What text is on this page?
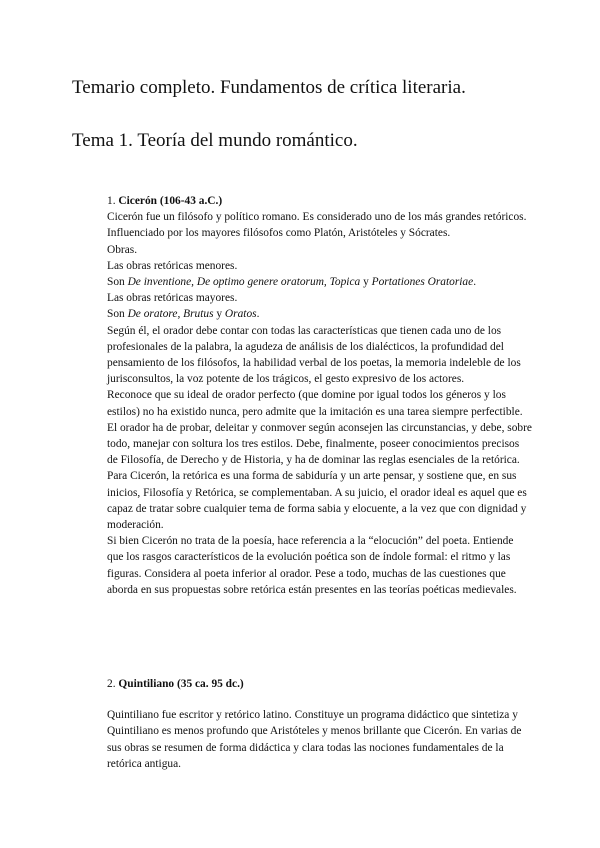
Temario completo. Fundamentos de crítica literaria.
Tema 1. Teoría del mundo romántico.

1. Cicerón (106-43 a.C.)

Cicerón fue un filósofo y político romano. Es considerado uno de los más grandes retóricos. Influenciado por los mayores filósofos como Platón, Aristóteles y Sócrates.

Obras.

Las obras retóricas menores.

Son De inventione, De optimo genere oratorum, Topica y Portationes Oratoriae.

Las obras retóricas mayores.

Son De oratore, Brutus y Oratos.

Según él, el orador debe contar con todas las características que tienen cada uno de los profesionales de la palabra, la agudeza de análisis de los dialécticos, la profundidad del pensamiento de los filósofos, la habilidad verbal de los poetas, la memoria indeleble de los jurisconsultos, la voz potente de los trágicos, el gesto expresivo de los actores.

Reconoce que su ideal de orador perfecto (que domine por igual todos los géneros y los estilos) no ha existido nunca, pero admite que la imitación es una tarea siempre perfectible. El orador ha de probar, deleitar y conmover según aconsejen las circunstancias, y debe, sobre todo, manejar con soltura los tres estilos. Debe, finalmente, poseer conocimientos precisos de Filosofía, de Derecho y de Historia, y ha de dominar las reglas esenciales de la retórica. Para Cicerón, la retórica es una forma de sabiduría y un arte pensar, y sostiene que, en sus inicios, Filosofía y Retórica, se complementaban. A su juicio, el orador ideal es aquel que es capaz de tratar sobre cualquier tema de forma sabia y elocuente, a la vez que con dignidad y moderación.

Si bien Cicerón no trata de la poesía, hace referencia a la “elocución” del poeta. Entiende que los rasgos característicos de la evolución poética son de índole formal: el ritmo y las figuras. Considera al poeta inferior al orador. Pese a todo, muchas de las cuestiones que aborda en sus propuestas sobre retórica están presentes en las teorías poéticas medievales.

2. Quintiliano (35 ca. 95 dc.)

Quintiliano fue escritor y retórico latino. Constituye un programa didáctico que sintetiza y Quintiliano es menos profundo que Aristóteles y menos brillante que Cicerón. En varias de sus obras se resumen de forma didáctica y clara todas las nociones fundamentales de la retórica antigua.
